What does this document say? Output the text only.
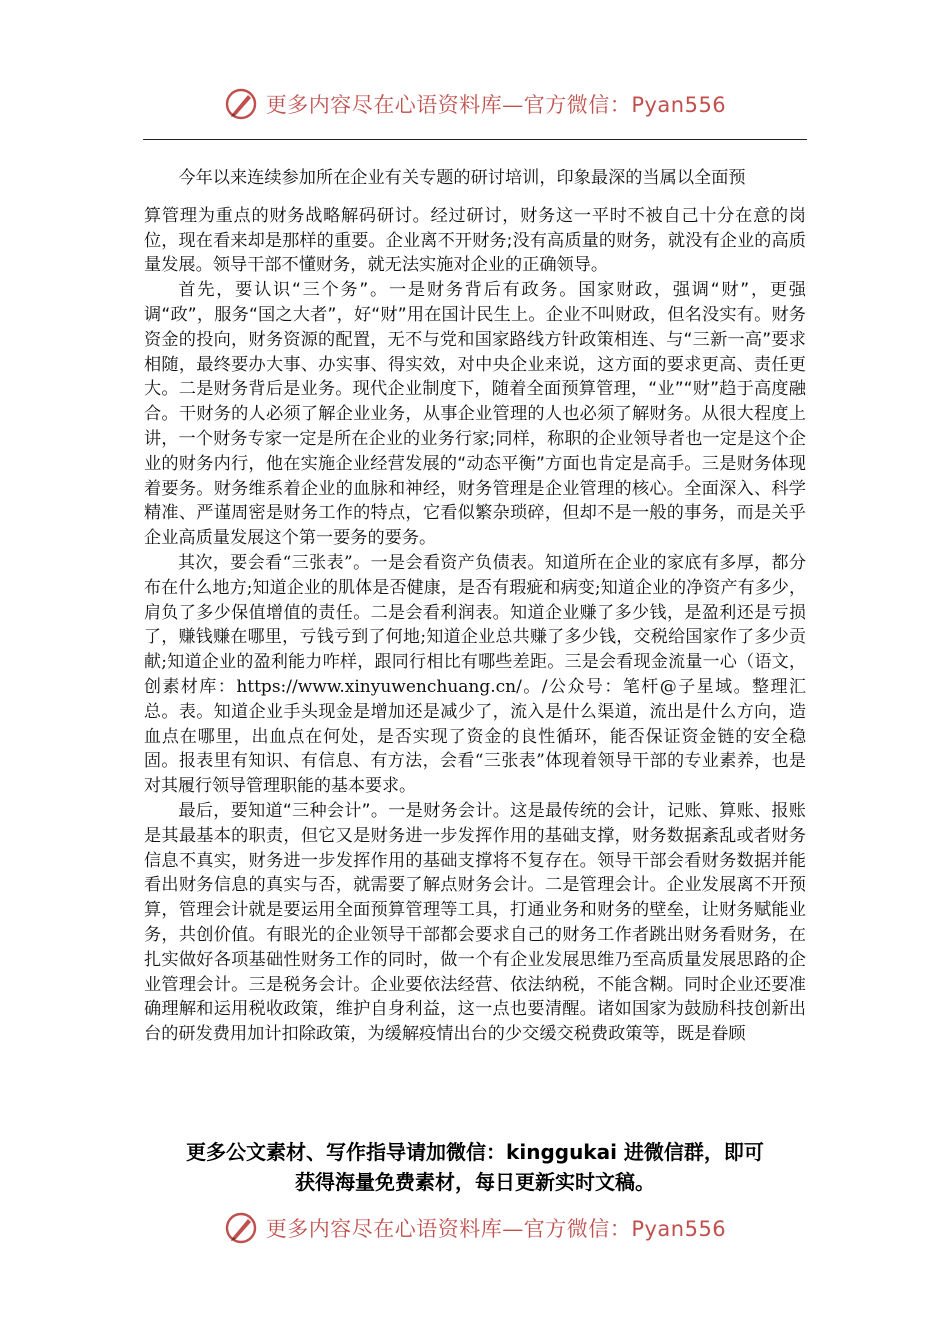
更多内容尽在心语资料库—官方微信：Pyan556

今年以来连续参加所在企业有关专题的研讨培训，印象最深的当属以全面预

算管理为重点的财务战略解码研讨。经过研讨，财务这一平时不被自己十分在意的岗位，现在看来却是那样的重要。企业离不开财务;没有高质量的财务，就没有企业的高质量发展。领导干部不懂财务，就无法实施对企业的正确领导。

首先，要认识“三个务”。一是财务背后有政务。国家财政，强调“财”，更强调“政”，服务“国之大者”，好“财”用在国计民生上。企业不叫财政，但名没实有。财务资金的投向，财务资源的配置，无不与党和国家路线方针政策相连、与“三新一高”要求相随，最终要办大事、办实事、得实效，对中央企业来说，这方面的要求更高、责任更大。二是财务背后是业务。现代企业制度下，随着全面预算管理，“业”“财”趋于高度融合。干财务的人必须了解企业业务，从事企业管理的人也必须了解财务。从很大程度上讲，一个财务专家一定是所在企业的业务行家;同样，称职的企业领导者也一定是这个企业的财务内行，他在实施企业经营发展的“动态平衡”方面也肯定是高手。三是财务体现着要务。财务维系着企业的血脉和神经，财务管理是企业管理的核心。全面深入、科学精准、严谨周密是财务工作的特点，它看似繁杂琐碎，但却不是一般的事务，而是关乎企业高质量发展这个第一要务的要务。

其次，要会看“三张表”。一是会看资产负债表。知道所在企业的家底有多厚，都分布在什么地方;知道企业的肌体是否健康，是否有瑕疵和病变;知道企业的净资产有多少，肩负了多少保值增值的责任。二是会看利润表。知道企业赚了多少钱，是盈利还是亏损了，赚钱赚在哪里，亏钱亏到了何地;知道企业总共赚了多少钱，交税给国家作了多少贡献;知道企业的盈利能力咋样，跟同行相比有哪些差距。三是会看现金流量一心（语文，创素材库：https://www.xinyuwenchuang.cn/。/公众号：笔杆@子星域。整理汇总。表。知道企业手头现金是增加还是减少了，流入是什么渠道，流出是什么方向，造血点在哪里，出血点在何处，是否实现了资金的良性循环，能否保证资金链的安全稳固。报表里有知识、有信息、有方法，会看“三张表”体现着领导干部的专业素养，也是对其履行领导管理职能的基本要求。

最后，要知道“三种会计”。一是财务会计。这是最传统的会计，记账、算账、报账是其最基本的职责，但它又是财务进一步发挥作用的基础支撑，财务数据紊乱或者财务信息不真实，财务进一步发挥作用的基础支撑将不复存在。领导干部会看财务数据并能看出财务信息的真实与否，就需要了解点财务会计。二是管理会计。企业发展离不开预算，管理会计就是要运用全面预算管理等工具，打通业务和财务的壁垒，让财务赋能业务，共创价值。有眼光的企业领导干部都会要求自己的财务工作者跳出财务看财务，在扎实做好各项基础性财务工作的同时，做一个有企业发展思维乃至高质量发展思路的企业管理会计。三是税务会计。企业要依法经营、依法纳税，不能含糊。同时企业还要准确理解和运用税收政策，维护自身利益，这一点也要清醒。诸如国家为鼓励科技创新出台的研发费用加计扣除政策，为缓解疫情出台的少交缓交税费政策等，既是眷顾

更多公文素材、写作指导请加微信：kinggukai 进微信群，即可

获得海量免费素材，每日更新实时文稿。

更多内容尽在心语资料库—官方微信：Pyan556
